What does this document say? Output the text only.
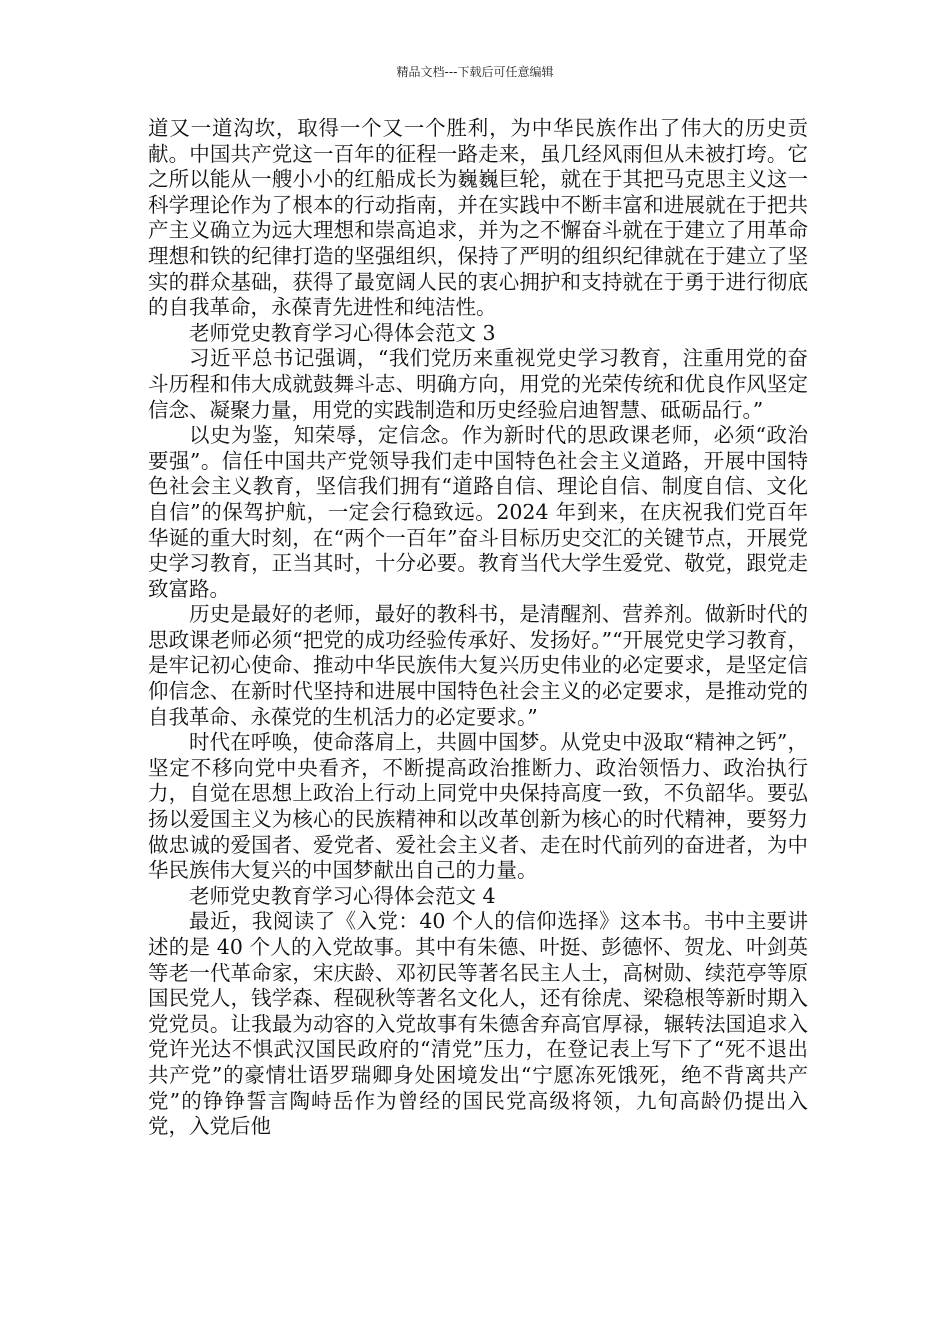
精品文档---下载后可任意编辑

道又一道沟坎，取得一个又一个胜利，为中华民族作出了伟大的历史贡献。中国共产党这一百年的征程一路走来，虽几经风雨但从未被打垮。它之所以能从一艘小小的红船成长为巍巍巨轮，就在于其把马克思主义这一科学理论作为了根本的行动指南，并在实践中不断丰富和进展就在于把共产主义确立为远大理想和崇高追求，并为之不懈奋斗就在于建立了用革命理想和铁的纪律打造的坚强组织，保持了严明的组织纪律就在于建立了坚实的群众基础，获得了最宽阔人民的衷心拥护和支持就在于勇于进行彻底的自我革命，永葆青先进性和纯洁性。

老师党史教育学习心得体会范文 3

习近平总书记强调，“我们党历来重视党史学习教育，注重用党的奋斗历程和伟大成就鼓舞斗志、明确方向，用党的光荣传统和优良作风坚定信念、凝聚力量，用党的实践制造和历史经验启迪智慧、砥砺品行。”

以史为鉴，知荣辱，定信念。作为新时代的思政课老师，必须“政治要强”。信任中国共产党领导我们走中国特色社会主义道路，开展中国特色社会主义教育，坚信我们拥有“道路自信、理论自信、制度自信、文化自信”的保驾护航，一定会行稳致远。2024 年到来，在庆祝我们党百年华诞的重大时刻，在“两个一百年”奋斗目标历史交汇的关键节点，开展党史学习教育，正当其时，十分必要。教育当代大学生爱党、敬党，跟党走致富路。

历史是最好的老师，最好的教科书，是清醒剂、营养剂。做新时代的思政课老师必须“把党的成功经验传承好、发扬好。”“开展党史学习教育，是牢记初心使命、推动中华民族伟大复兴历史伟业的必定要求，是坚定信仰信念、在新时代坚持和进展中国特色社会主义的必定要求，是推动党的自我革命、永葆党的生机活力的必定要求。”

时代在呼唤，使命落肩上，共圆中国梦。从党史中汲取“精神之钙”，坚定不移向党中央看齐，不断提高政治推断力、政治领悟力、政治执行力，自觉在思想上政治上行动上同党中央保持高度一致，不负韶华。要弘扬以爱国主义为核心的民族精神和以改革创新为核心的时代精神，要努力做忠诚的爱国者、爱党者、爱社会主义者、走在时代前列的奋进者，为中华民族伟大复兴的中国梦献出自己的力量。

老师党史教育学习心得体会范文 4

最近，我阅读了《入党：40 个人的信仰选择》这本书。书中主要讲述的是 40 个人的入党故事。其中有朱德、叶挺、彭德怀、贺龙、叶剑英等老一代革命家，宋庆龄、邓初民等著名民主人士，高树勋、续范亭等原国民党人，钱学森、程砚秋等著名文化人，还有徐虎、梁稳根等新时期入党党员。让我最为动容的入党故事有朱德舍弃高官厚禄，辗转法国追求入党许光达不惧武汉国民政府的“清党”压力，在登记表上写下了“死不退出共产党”的豪情壮语罗瑞卿身处困境发出“宁愿冻死饿死，绝不背离共产党”的铮铮誓言陶峙岳作为曾经的国民党高级将领，九旬高龄仍提出入党，入党后他
